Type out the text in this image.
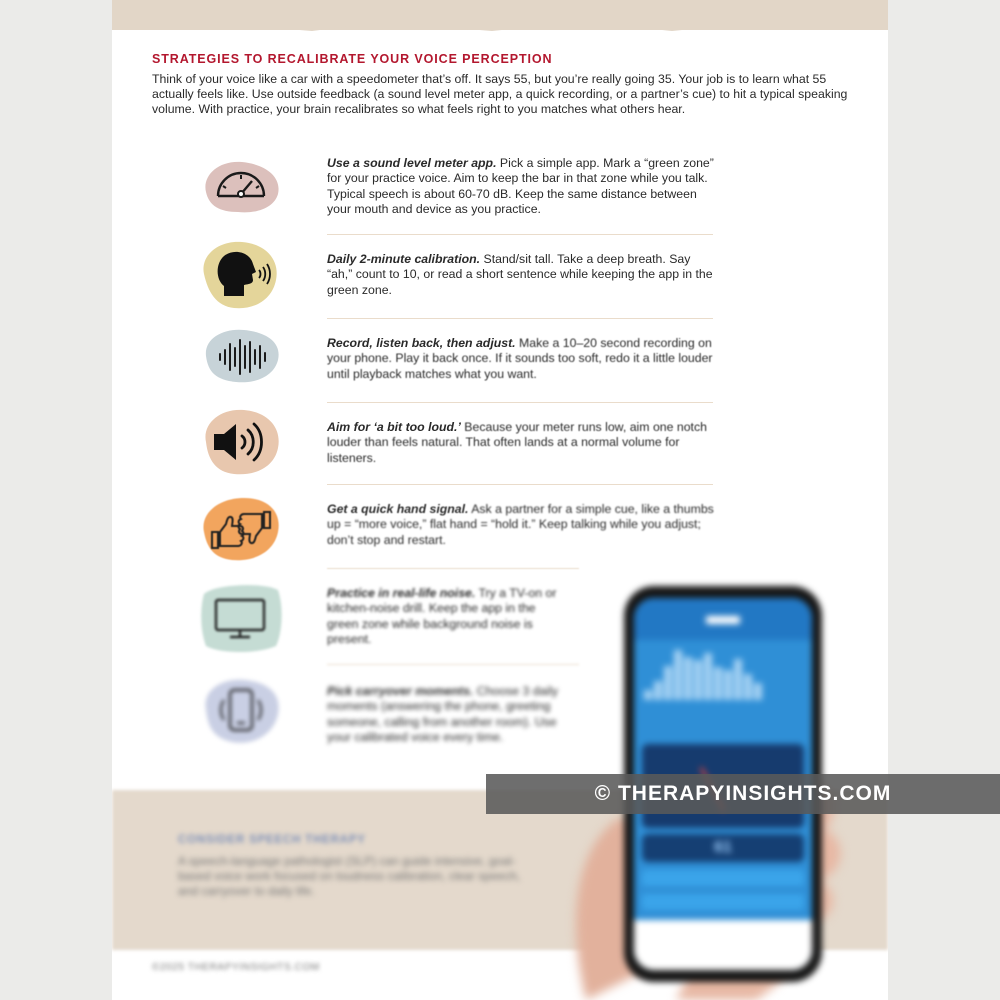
STRATEGIES TO RECALIBRATE YOUR VOICE PERCEPTION
Think of your voice like a car with a speedometer that’s off. It says 55, but you’re really going 35. Your job is to learn what 55 actually feels like. Use outside feedback (a sound level meter app, a quick recording, or a partner’s cue) to hit a typical speaking volume. With practice, your brain recalibrates so what feels right to you matches what others hear.
Use a sound level meter app. Pick a simple app. Mark a “green zone” for your practice voice. Aim to keep the bar in that zone while you talk. Typical speech is about 60-70 dB. Keep the same distance between your mouth and device as you practice.
Daily 2-minute calibration. Stand/sit tall. Take a deep breath. Say “ah,” count to 10, or read a short sentence while keeping the app in the green zone.
Record, listen back, then adjust. Make a 10–20 second recording on your phone. Play it back once. If it sounds too soft, redo it a little louder until playback matches what you want.
Aim for ‘a bit too loud.’ Because your meter runs low, aim one notch louder than feels natural. That often lands at a normal volume for listeners.
Get a quick hand signal. Ask a partner for a simple cue, like a thumbs up = “more voice,” flat hand = “hold it.” Keep talking while you adjust; don’t stop and restart.
Practice in real-life noise. Try a TV-on or kitchen-noise drill. Keep the app in the green zone while background noise is present.
Pick carryover moments. Choose 3 daily moments (answering the phone, greeting someone, calling from another room). Use your calibrated voice every time.
CONSIDER SPEECH THERAPY
A speech-language pathologist (SLP) can guide intensive, goal-based voice work focused on loudness calibration, clear speech, and carryover to daily life.
©2025 THERAPYINSIGHTS.COM
61
© THERAPYINSIGHTS.COM
